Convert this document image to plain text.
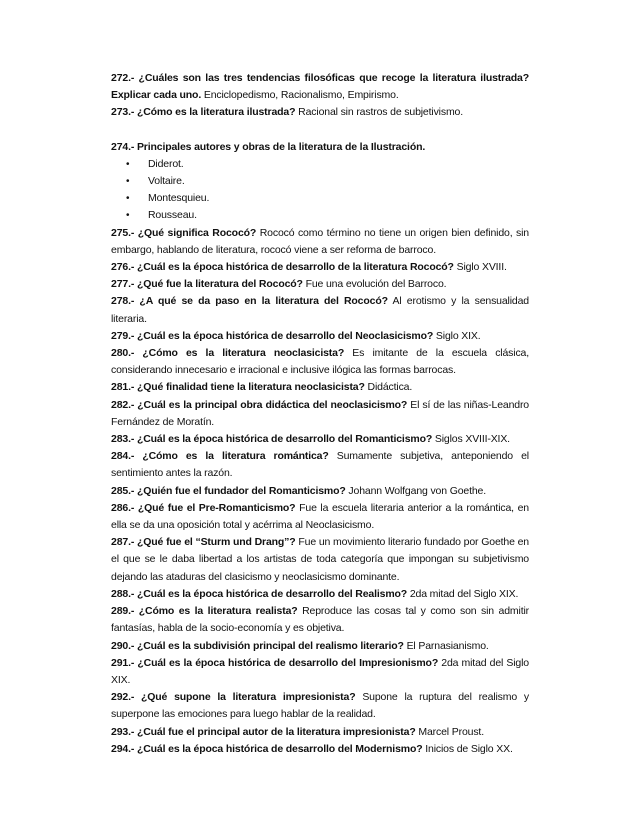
272.- ¿Cuáles son las tres tendencias filosóficas que recoge la literatura ilustrada? Explicar cada uno. Enciclopedismo, Racionalismo, Empirismo.

273.- ¿Cómo es la literatura ilustrada? Racional sin rastros de subjetivismo.

274.- Principales autores y obras de la literatura de la Ilustración.

• Diderot.
• Voltaire.
• Montesquieu.
• Rousseau.

275.- ¿Qué significa Rococó? Rococó como término no tiene un origen bien definido, sin embargo, hablando de literatura, rococó viene a ser reforma de barroco.

276.- ¿Cuál es la época histórica de desarrollo de la literatura Rococó? Siglo XVIII.

277.- ¿Qué fue la literatura del Rococó? Fue una evolución del Barroco.

278.- ¿A qué se da paso en la literatura del Rococó? Al erotismo y la sensualidad literaria.

279.- ¿Cuál es la época histórica de desarrollo del Neoclasicismo? Siglo XIX.

280.- ¿Cómo es la literatura neoclasicista? Es imitante de la escuela clásica, considerando innecesario e irracional e inclusive ilógica las formas barrocas.

281.- ¿Qué finalidad tiene la literatura neoclasicista? Didáctica.

282.- ¿Cuál es la principal obra didáctica del neoclasicismo? El sí de las niñas-Leandro Fernández de Moratín.

283.- ¿Cuál es la época histórica de desarrollo del Romanticismo? Siglos XVIII-XIX.

284.- ¿Cómo es la literatura romántica? Sumamente subjetiva, anteponiendo el sentimiento antes la razón.

285.- ¿Quién fue el fundador del Romanticismo? Johann Wolfgang von Goethe.

286.- ¿Qué fue el Pre-Romanticismo? Fue la escuela literaria anterior a la romántica, en ella se da una oposición total y acérrima al Neoclasicismo.

287.- ¿Qué fue el “Sturm und Drang”? Fue un movimiento literario fundado por Goethe en el que se le daba libertad a los artistas de toda categoría que impongan su subjetivismo dejando las ataduras del clasicismo y neoclasicismo dominante.

288.- ¿Cuál es la época histórica de desarrollo del Realismo? 2da mitad del Siglo XIX.

289.- ¿Cómo es la literatura realista? Reproduce las cosas tal y como son sin admitir fantasías, habla de la socio-economía y es objetiva.

290.- ¿Cuál es la subdivisión principal del realismo literario? El Parnasianismo.

291.- ¿Cuál es la época histórica de desarrollo del Impresionismo? 2da mitad del Siglo XIX.

292.- ¿Qué supone la literatura impresionista? Supone la ruptura del realismo y superpone las emociones para luego hablar de la realidad.

293.- ¿Cuál fue el principal autor de la literatura impresionista? Marcel Proust.

294.- ¿Cuál es la época histórica de desarrollo del Modernismo? Inicios de Siglo XX.
